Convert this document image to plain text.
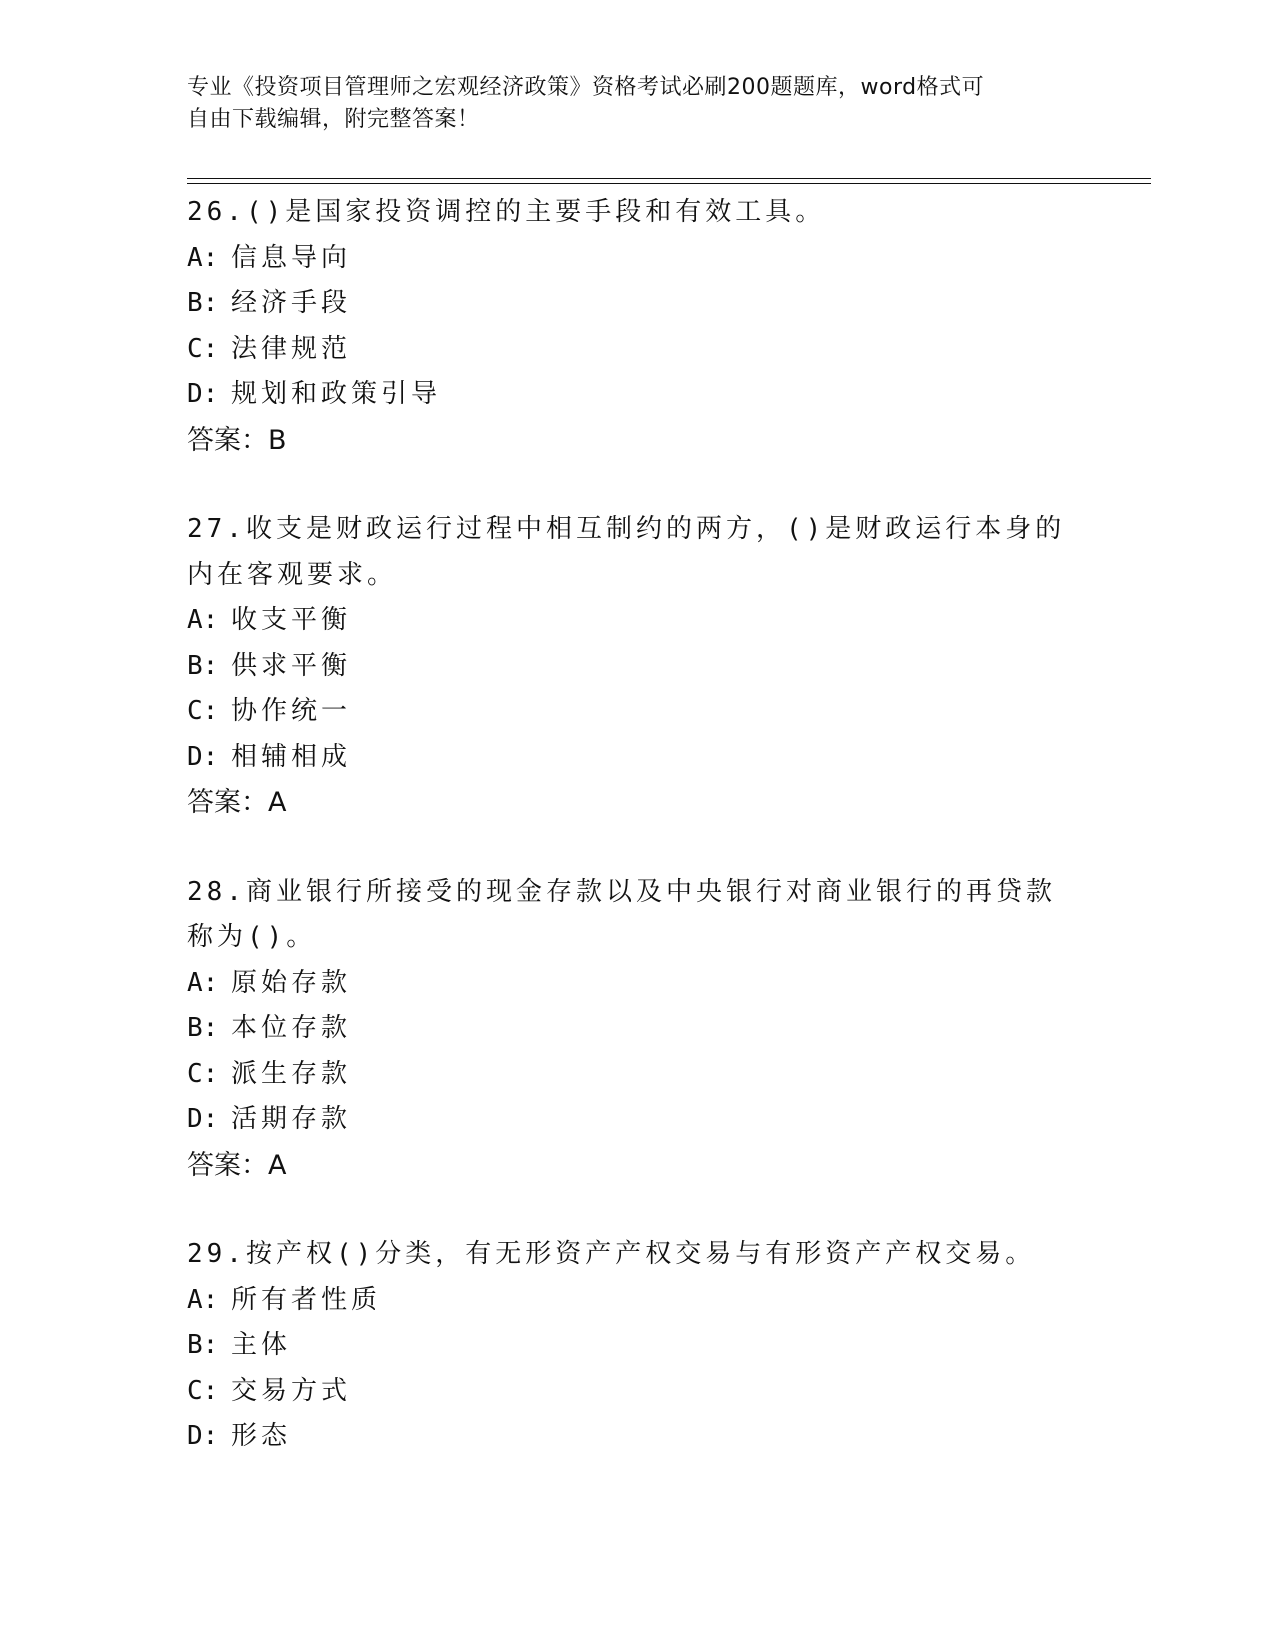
专业《投资项目管理师之宏观经济政策》资格考试必刷200题题库，word格式可
自由下载编辑，附完整答案！
26.()是国家投资调控的主要手段和有效工具。
A: 信息导向
B: 经济手段
C: 法律规范
D: 规划和政策引导
答案：B
27.收支是财政运行过程中相互制约的两方，()是财政运行本身的内在客观要求。
A: 收支平衡
B: 供求平衡
C: 协作统一
D: 相辅相成
答案：A
28.商业银行所接受的现金存款以及中央银行对商业银行的再贷款称为()。
A: 原始存款
B: 本位存款
C: 派生存款
D: 活期存款
答案：A
29.按产权()分类，有无形资产产权交易与有形资产产权交易。
A: 所有者性质
B: 主体
C: 交易方式
D: 形态
